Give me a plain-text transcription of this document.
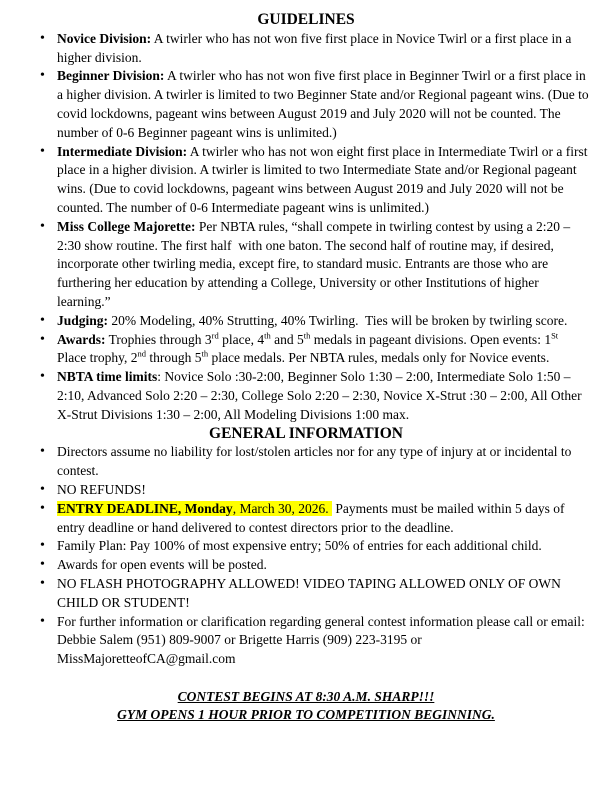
GUIDELINES
• Novice Division: A twirler who has not won five first place in Novice Twirl or a first place in a higher division.
• Beginner Division: A twirler who has not won five first place in Beginner Twirl or a first place in a higher division. A twirler is limited to two Beginner State and/or Regional pageant wins. (Due to covid lockdowns, pageant wins between August 2019 and July 2020 will not be counted. The number of 0-6 Beginner pageant wins is unlimited.)
• Intermediate Division: A twirler who has not won eight first place in Intermediate Twirl or a first place in a higher division. A twirler is limited to two Intermediate State and/or Regional pageant wins. (Due to covid lockdowns, pageant wins between August 2019 and July 2020 will not be counted. The number of 0-6 Intermediate pageant wins is unlimited.)
• Miss College Majorette: Per NBTA rules, “shall compete in twirling contest by using a 2:20 – 2:30 show routine. The first half  with one baton. The second half of routine may, if desired, incorporate other twirling media, except fire, to standard music. Entrants are those who are furthering her education by attending a College, University or other Institutions of higher learning.”
• Judging: 20% Modeling, 40% Strutting, 40% Twirling.  Ties will be broken by twirling score.
• Awards: Trophies through 3rd place, 4th and 5th medals in pageant divisions. Open events: 1St Place trophy, 2nd through 5th place medals. Per NBTA rules, medals only for Novice events.
• NBTA time limits: Novice Solo :30-2:00, Beginner Solo 1:30 – 2:00, Intermediate Solo 1:50 – 2:10, Advanced Solo 2:20 – 2:30, College Solo 2:20 – 2:30, Novice X-Strut :30 – 2:00, All Other X-Strut Divisions 1:30 – 2:00, All Modeling Divisions 1:00 max.
GENERAL INFORMATION
• Directors assume no liability for lost/stolen articles nor for any type of injury at or incidental to contest.
• NO REFUNDS!
• ENTRY DEADLINE, Monday, March 30, 2026.  Payments must be mailed within 5 days of entry deadline or hand delivered to contest directors prior to the deadline.
• Family Plan: Pay 100% of most expensive entry; 50% of entries for each additional child.
• Awards for open events will be posted.
• NO FLASH PHOTOGRAPHY ALLOWED! VIDEO TAPING ALLOWED ONLY OF OWN CHILD OR STUDENT!
• For further information or clarification regarding general contest information please call or email: Debbie Salem (951) 809-9007 or Brigette Harris (909) 223-3195 or MissMajoretteofCA@gmail.com

CONTEST BEGINS AT 8:30 A.M. SHARP!!!

GYM OPENS 1 HOUR PRIOR TO COMPETITION BEGINNING.
